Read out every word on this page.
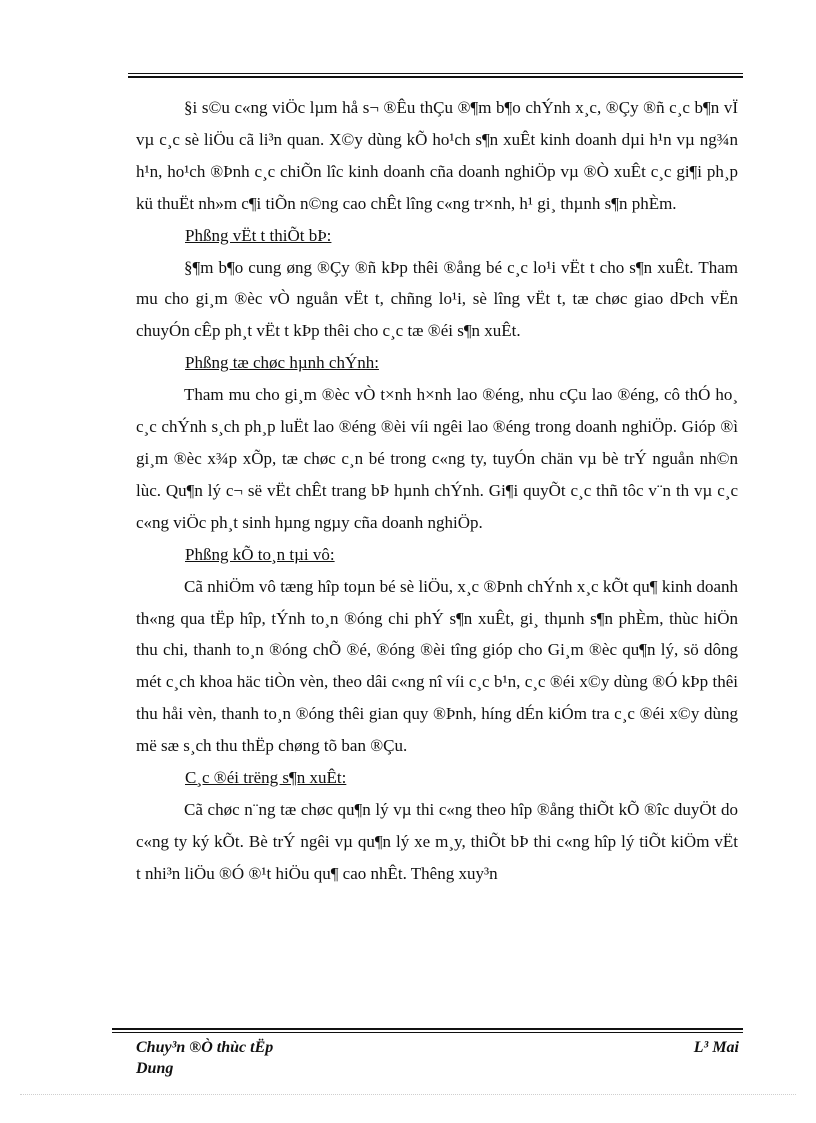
§i s©u c«ng viÖc lµm hå s¬ ®Êu thÇu ®¶m b¶o chÝnh x¸c, ®Çy ®ñ c¸c b¶n vÏ vµ c¸c sè liÖu cã li³n quan. X©y dùng kÕ ho¹ch s¶n xuÊt kinh doanh dµi h¹n vµ ng¾n h¹n, ho¹ch ®Þnh c¸c chiÕn lîc kinh doanh cña doanh nghiÖp vµ ®Ò xuÊt c¸c gi¶i ph¸p kü thuËt nh»m c¶i tiÕn n©ng cao chÊt lîng c«ng tr×nh, h¹ gi¸ thµnh s¶n phÈm.

Phßng vËt t thiÕt bÞ:

§¶m b¶o cung øng ®Çy ®ñ kÞp thêi ®ång bé c¸c lo¹i vËt t cho s¶n xuÊt. Tham mu cho gi¸m ®èc vÒ nguån vËt t, chñng lo¹i, sè lîng vËt t, tæ chøc giao dÞch vËn chuyÓn cÊp ph¸t vËt t kÞp thêi cho c¸c tæ ®éi s¶n xuÊt.

Phßng tæ chøc hµnh chÝnh:

Tham mu cho gi¸m ®èc vÒ t×nh h×nh lao ®éng, nhu cÇu lao ®éng, cô thÓ ho¸ c¸c chÝnh s¸ch ph¸p luËt lao ®éng ®èi víi ngêi lao ®éng trong doanh nghiÖp. Gióp ®ì gi¸m ®èc x¾p xÕp, tæ chøc c¸n bé trong c«ng ty, tuyÓn chän vµ bè trÝ nguån nh©n lùc. Qu¶n lý c¬ së vËt chÊt trang bÞ hµnh chÝnh. Gi¶i quyÕt c¸c thñ tôc v¨n th vµ c¸c c«ng viÖc ph¸t sinh hµng ngµy cña doanh nghiÖp.

Phßng kÕ to¸n tµi vô:

Cã nhiÖm vô tæng hîp toµn bé sè liÖu, x¸c ®Þnh chÝnh x¸c kÕt qu¶ kinh doanh th«ng qua tËp hîp, tÝnh to¸n ®óng chi phÝ s¶n xuÊt, gi¸ thµnh s¶n phÈm, thùc hiÖn thu chi, thanh to¸n ®óng chÕ ®é, ®óng ®èi tîng gióp cho Gi¸m ®èc qu¶n lý, sö dông mét c¸ch khoa häc tiÒn vèn, theo dâi c«ng nî víi c¸c b¹n, c¸c ®éi x©y dùng ®Ó kÞp thêi thu håi vèn, thanh to¸n ®óng thêi gian quy ®Þnh, híng dÉn kiÓm tra c¸c ®éi x©y dùng më sæ s¸ch thu thËp chøng tõ ban ®Çu.

C¸c ®éi trëng s¶n xuÊt:

Cã chøc n¨ng tæ chøc qu¶n lý vµ thi c«ng theo hîp ®ång thiÕt kÕ ®îc duyÖt do c«ng ty ký kÕt. Bè trÝ ngêi vµ qu¶n lý xe m¸y, thiÕt bÞ thi c«ng hîp lý tiÕt kiÖm vËt t nhi³n liÖu ®Ó ®¹t hiÖu qu¶ cao nhÊt. Thêng xuy³n

Chuy³n ®Ò thùc tËp
Dung
L³ Mai
